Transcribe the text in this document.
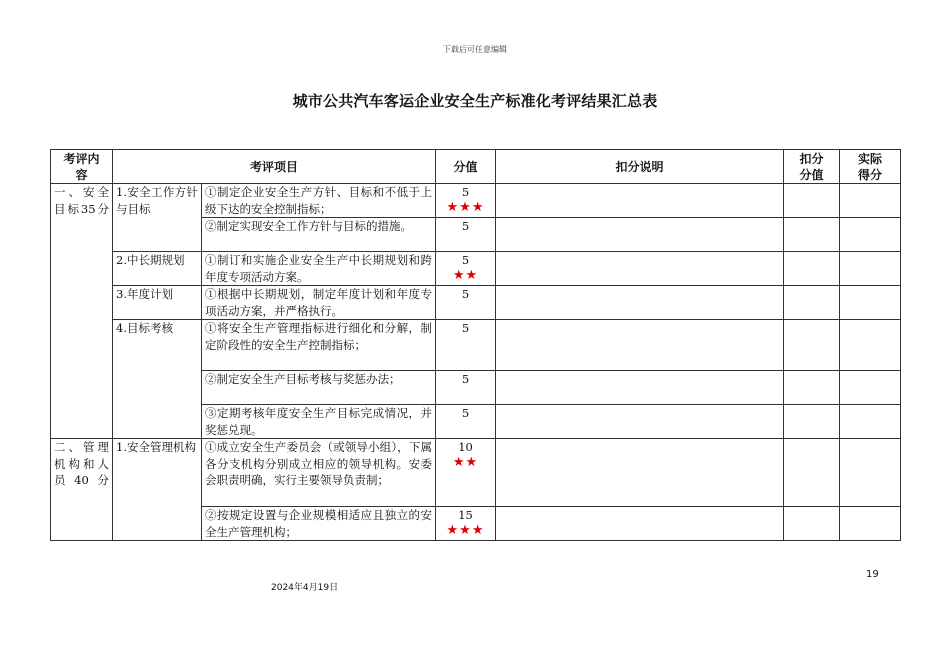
下载后可任意编辑
城市公共汽车客运企业安全生产标准化考评结果汇总表
考评内容	考评项目		分值	扣分说明	扣分分值	实际得分
一、安全目标35分	1.安全工作方针与目标	①制定企业安全生产方针、目标和不低于上级下达的安全控制指标；	5
★★★			

		②制定实现安全工作方针与目标的措施。	5			

	2.中长期规划	①制订和实施企业安全生产中长期规划和跨年度专项活动方案。	5
★★			

	3.年度计划	①根据中长期规划，制定年度计划和年度专项活动方案，并严格执行。	5			

	4.目标考核	①将安全生产管理指标进行细化和分解，制定阶段性的安全生产控制指标；	5			

		②制定安全生产目标考核与奖惩办法；	5			

		③定期考核年度安全生产目标完成情况，并奖惩兑现。	5			

二、管理机构和人员40分	1.安全管理机构	①成立安全生产委员会（或领导小组），下属各分支机构分别成立相应的领导机构。安委会职责明确，实行主要领导负责制；	10
★★			

		②按规定设置与企业规模相适应且独立的安全生产管理机构；	15
★★★			

2024年4月19日
19
